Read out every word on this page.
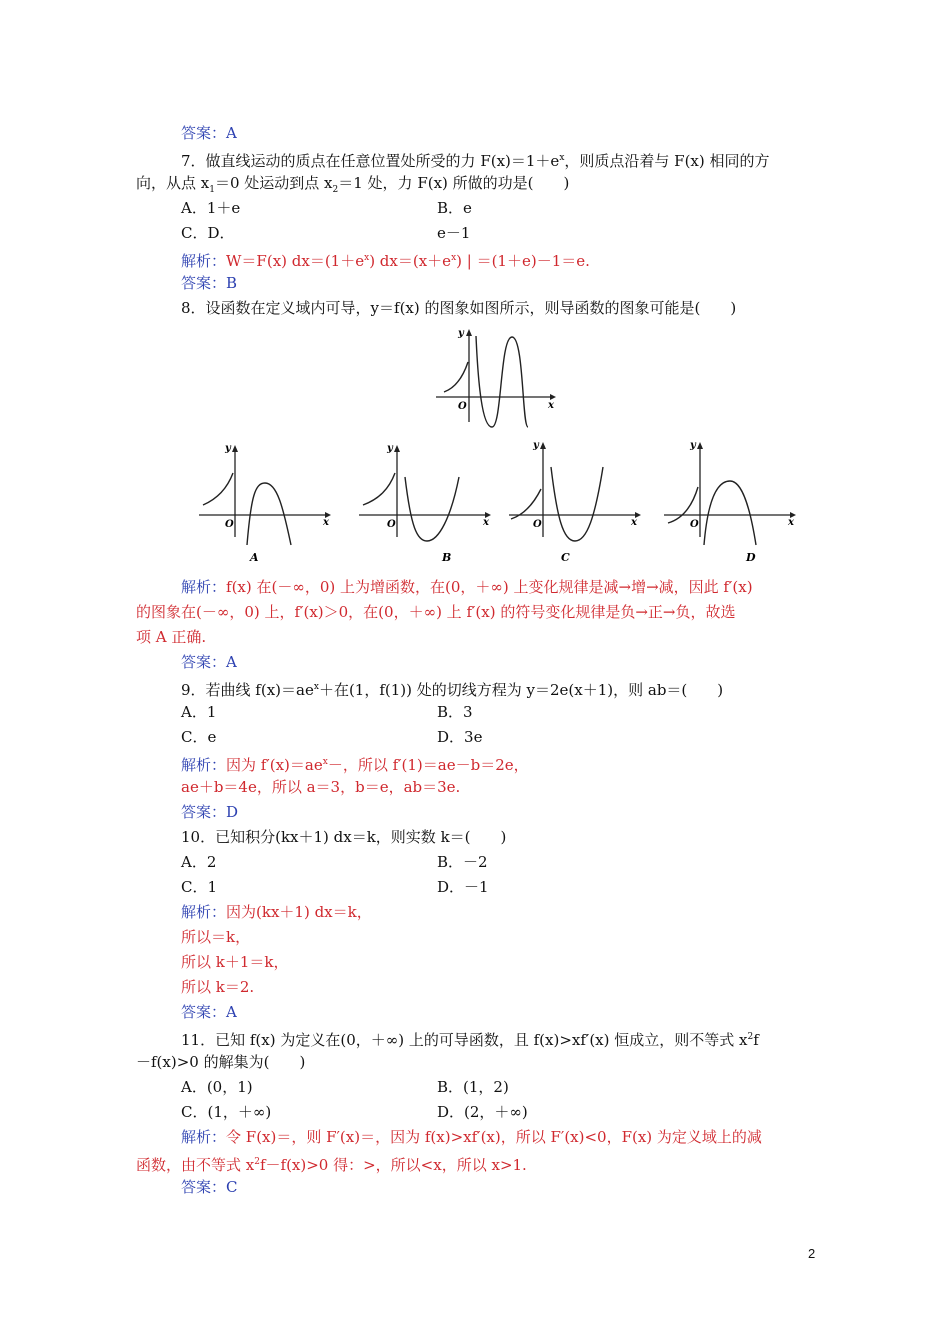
答案：A
7．做直线运动的质点在任意位置处所受的力 $F(x)=1+e^x$，则质点沿着与 F(x) 相同的方
向，从点 $x_1=0$ 处运动到点 $x_2=1$ 处，力 F(x) 所做的功是(　　)
A．1＋e	B．e
C．D．	e－1
解析：W＝F(x) $dx=(1+e^x)$ $dx=(x+e^x)$ | ＝(1＋e)－1＝e.
答案：B
8．设函数在定义域内可导，y＝f(x) 的图象如图所示，则导函数的图象可能是(　　)
y
x
O
y
x
O
A
y
x
O
B
y
x
O
C
y
x
O
D
解析：f(x) 在(－∞，0) 上为增函数，在(0，＋∞) 上变化规律是减→增→减，因此 f′(x)
的图象在(－∞，0) 上，f′(x)＞0，在(0，＋∞) 上 f′(x) 的符号变化规律是负→正→负，故选
项 A 正确.
答案：A
9．若曲线 $f(x)=ae^x+$在(1，f(1)) 处的切线方程为 y＝2e(x＋1)，则 ab＝(　　)
A．1	B．3
C．e	D．3e
解析：因为 $f'(x)=ae^x-$，所以 f′(1)＝ae－b＝2e，
ae＋b＝4e，所以 a＝3，b＝e，ab＝3e.
答案：D
10．已知积分(kx＋1) dx＝k，则实数 k＝(　　)
A．2	B．－2
C．1	D．－1
解析：因为(kx＋1) dx＝k，
所以＝k，
所以 k＋1＝k，
所以 k＝2.
答案：A
11．已知 f(x) 为定义在(0，＋∞) 上的可导函数，且 f(x)>xf′(x) 恒成立，则不等式 $x^2f$
－f(x)>0 的解集为(　　)
A．(0，1)	B．(1，2)
C．(1，＋∞)	D．(2，＋∞)
解析：令 F(x)＝，则 F′(x)＝，因为 f(x)>xf′(x)，所以 F′(x)<0，F(x) 为定义域上的减
函数，由不等式 $x^2f-f(x)>0$ 得：>，所以<x，所以 x>1.
答案：C
2
